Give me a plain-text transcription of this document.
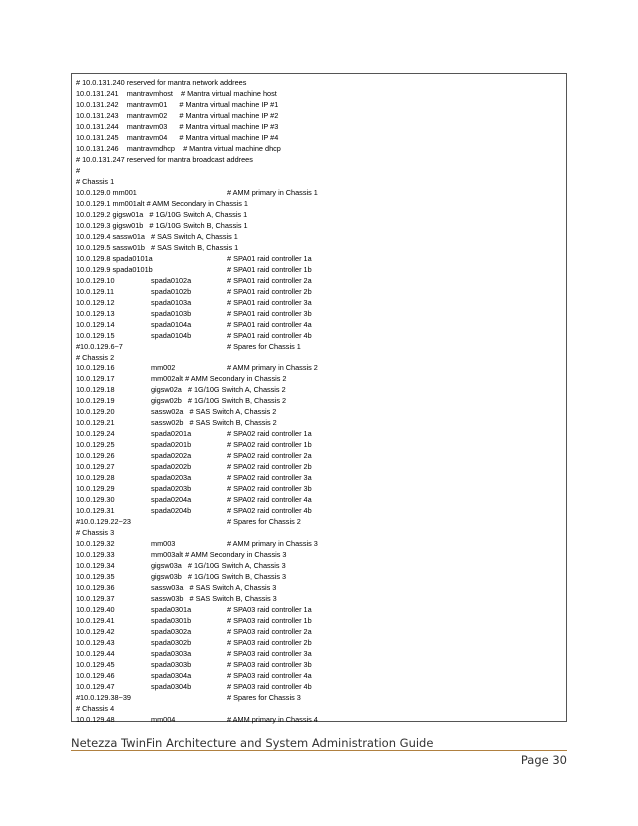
# 10.0.131.240 reserved for mantra network addrees
10.0.131.241    mantravmhost    # Mantra virtual machine host
10.0.131.242    mantravm01      # Mantra virtual machine IP #1
10.0.131.243    mantravm02      # Mantra virtual machine IP #2
10.0.131.244    mantravm03      # Mantra virtual machine IP #3
10.0.131.245    mantravm04      # Mantra virtual machine IP #4
10.0.131.246    mantravmdhcp    # Mantra virtual machine dhcp
# 10.0.131.247 reserved for mantra broadcast addrees
#
# Chassis 1
10.0.129.0 mm001	# AMM primary in Chassis 1
10.0.129.1 mm001alt # AMM Secondary in Chassis 1
10.0.129.2 gigsw01a   # 1G/10G Switch A, Chassis 1
10.0.129.3 gigsw01b   # 1G/10G Switch B, Chassis 1
10.0.129.4 sassw01a   # SAS Switch A, Chassis 1
10.0.129.5 sassw01b   # SAS Switch B, Chassis 1
10.0.129.8 spada0101a	# SPA01 raid controller 1a
10.0.129.9 spada0101b	# SPA01 raid controller 1b
10.0.129.10	spada0102a	# SPA01 raid controller 2a
10.0.129.11	spada0102b	# SPA01 raid controller 2b
10.0.129.12	spada0103a	# SPA01 raid controller 3a
10.0.129.13	spada0103b	# SPA01 raid controller 3b
10.0.129.14	spada0104a	# SPA01 raid controller 4a
10.0.129.15	spada0104b	# SPA01 raid controller 4b
#10.0.129.6~7	# Spares for Chassis 1
# Chassis 2
10.0.129.16	mm002	# AMM primary in Chassis 2
10.0.129.17	mm002alt # AMM Secondary in Chassis 2
10.0.129.18	gigsw02a   # 1G/10G Switch A, Chassis 2
10.0.129.19	gigsw02b   # 1G/10G Switch B, Chassis 2
10.0.129.20	sassw02a   # SAS Switch A, Chassis 2
10.0.129.21	sassw02b   # SAS Switch B, Chassis 2
10.0.129.24	spada0201a	# SPA02 raid controller 1a
10.0.129.25	spada0201b	# SPA02 raid controller 1b
10.0.129.26	spada0202a	# SPA02 raid controller 2a
10.0.129.27	spada0202b	# SPA02 raid controller 2b
10.0.129.28	spada0203a	# SPA02 raid controller 3a
10.0.129.29	spada0203b	# SPA02 raid controller 3b
10.0.129.30	spada0204a	# SPA02 raid controller 4a
10.0.129.31	spada0204b	# SPA02 raid controller 4b
#10.0.129.22~23	# Spares for Chassis 2
# Chassis 3
10.0.129.32	mm003	# AMM primary in Chassis 3
10.0.129.33	mm003alt # AMM Secondary in Chassis 3
10.0.129.34	gigsw03a   # 1G/10G Switch A, Chassis 3
10.0.129.35	gigsw03b   # 1G/10G Switch B, Chassis 3
10.0.129.36	sassw03a   # SAS Switch A, Chassis 3
10.0.129.37	sassw03b   # SAS Switch B, Chassis 3
10.0.129.40	spada0301a	# SPA03 raid controller 1a
10.0.129.41	spada0301b	# SPA03 raid controller 1b
10.0.129.42	spada0302a	# SPA03 raid controller 2a
10.0.129.43	spada0302b	# SPA03 raid controller 2b
10.0.129.44	spada0303a	# SPA03 raid controller 3a
10.0.129.45	spada0303b	# SPA03 raid controller 3b
10.0.129.46	spada0304a	# SPA03 raid controller 4a
10.0.129.47	spada0304b	# SPA03 raid controller 4b
#10.0.129.38~39	# Spares for Chassis 3
# Chassis 4
10.0.129.48	mm004	# AMM primary in Chassis 4
Netezza TwinFin Architecture and System Administration Guide
Page 30
